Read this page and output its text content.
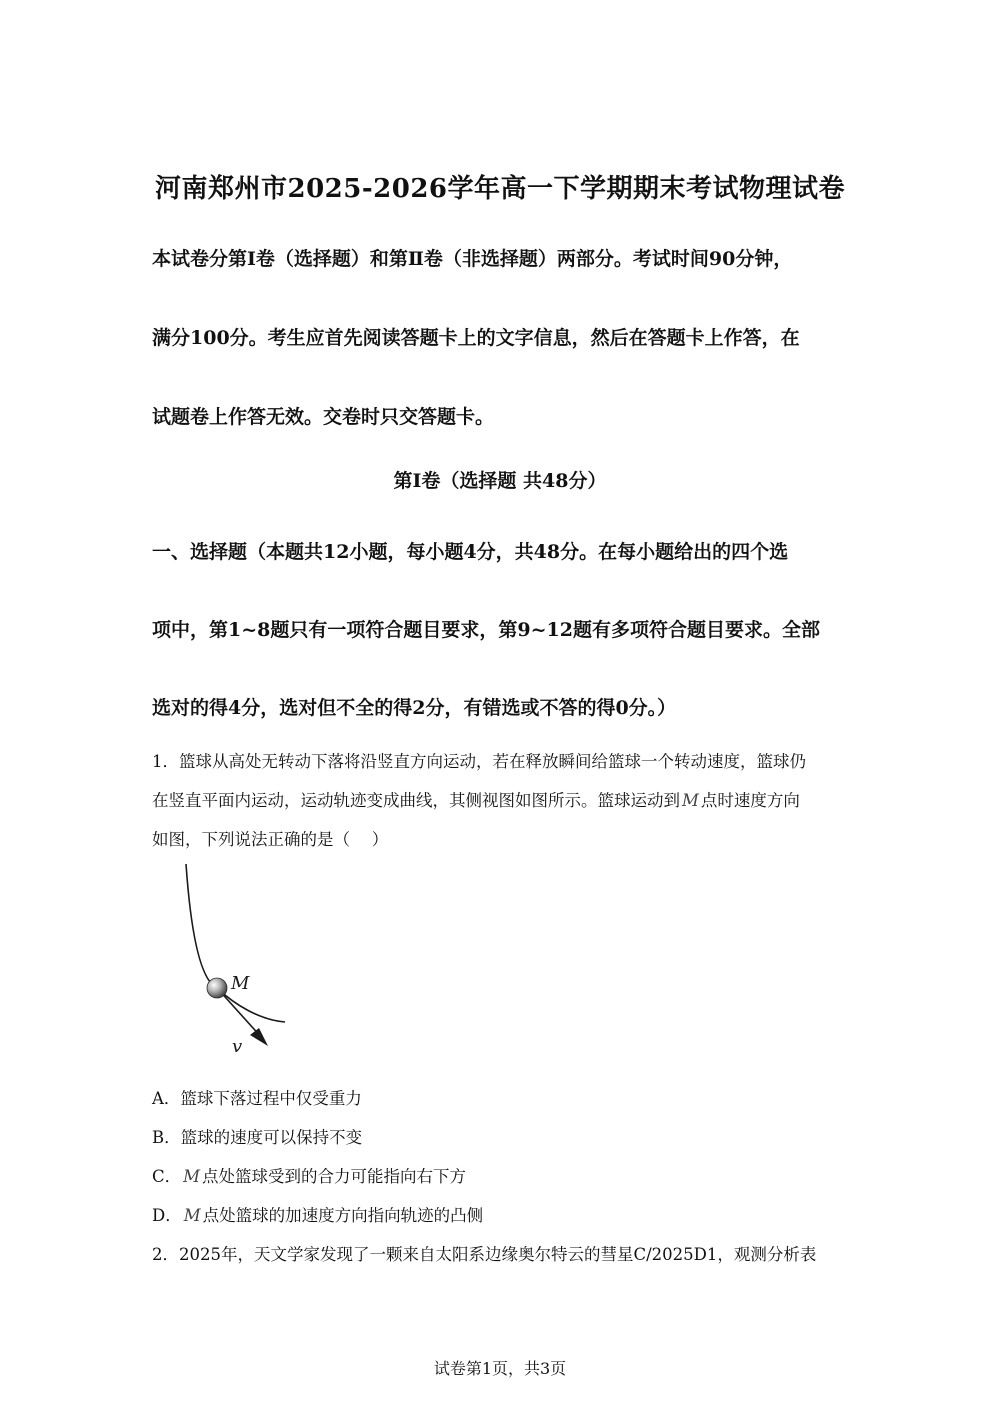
河南郑州市2025-2026学年高一下学期期末考试物理试卷
本试卷分第Ⅰ卷（选择题）和第Ⅱ卷（非选择题）两部分。考试时间90分钟，
满分100分。考生应首先阅读答题卡上的文字信息，然后在答题卡上作答，在
试题卷上作答无效。交卷时只交答题卡。
第Ⅰ卷（选择题 共48分）
一、选择题（本题共12小题，每小题4分，共48分。在每小题给出的四个选
项中，第1~8题只有一项符合题目要求，第9~12题有多项符合题目要求。全部
选对的得4分，选对但不全的得2分，有错选或不答的得0分。）
1．篮球从高处无转动下落将沿竖直方向运动，若在释放瞬间给篮球一个转动速度，篮球仍
在竖直平面内运动，运动轨迹变成曲线，其侧视图如图所示。篮球运动到 M 点时速度方向
如图，下列说法正确的是（　 ）
M
v
A．篮球下落过程中仅受重力
B．篮球的速度可以保持不变
C． M 点处篮球受到的合力可能指向右下方
D． M 点处篮球的加速度方向指向轨迹的凸侧
2．2025年，天文学家发现了一颗来自太阳系边缘奥尔特云的彗星C/2025D1，观测分析表
试卷第1页，共3页
